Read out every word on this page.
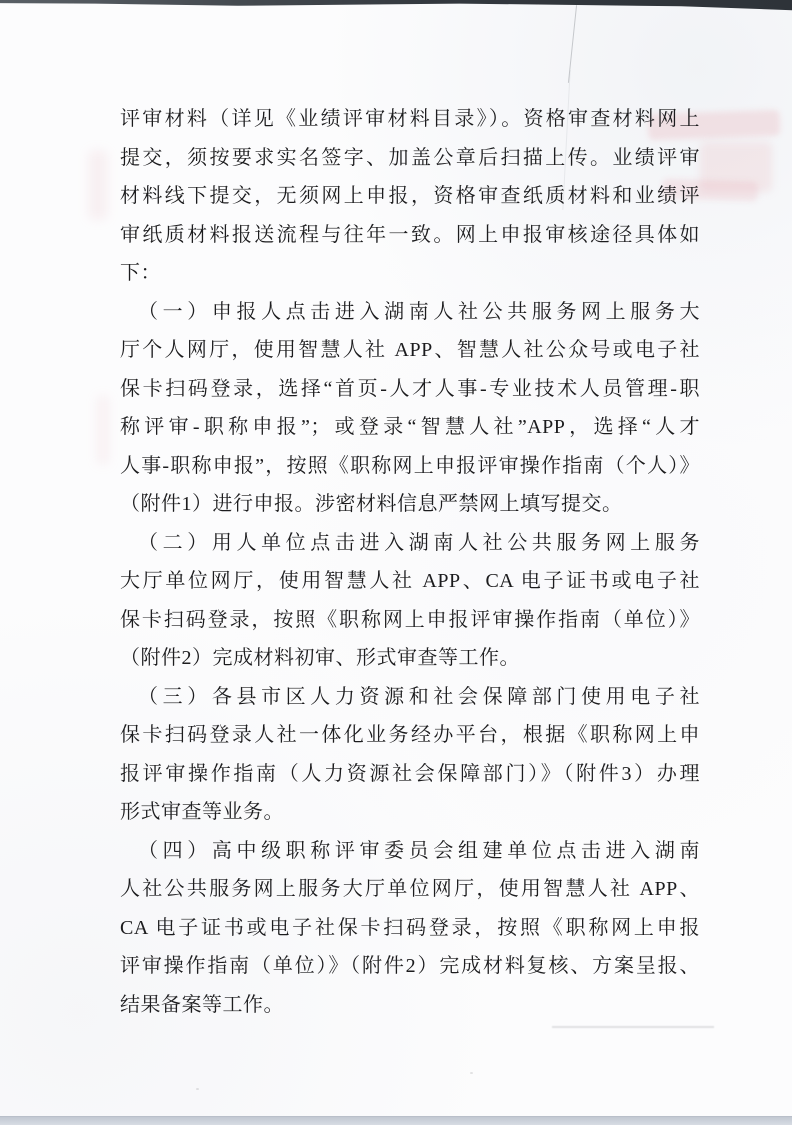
评审材料（详见《业绩评审材料目录》）。资格审查材料网上
提交，须按要求实名签字、加盖公章后扫描上传。业绩评审
材料线下提交，无须网上申报，资格审查纸质材料和业绩评
审纸质材料报送流程与往年一致。网上申报审核途径具体如
下：
（一）申报人点击进入湖南人社公共服务网上服务大
厅个人网厅，使用智慧人社 APP、智慧人社公众号或电子社
保卡扫码登录，选择“首页-人才人事-专业技术人员管理-职
称评审-职称申报”；或登录“智慧人社”APP，选择“人才
人事-职称申报”，按照《职称网上申报评审操作指南（个人）》
（附件1）进行申报。涉密材料信息严禁网上填写提交。
（二）用人单位点击进入湖南人社公共服务网上服务
大厅单位网厅，使用智慧人社 APP、CA 电子证书或电子社
保卡扫码登录，按照《职称网上申报评审操作指南（单位）》
（附件2）完成材料初审、形式审查等工作。
（三）各县市区人力资源和社会保障部门使用电子社
保卡扫码登录人社一体化业务经办平台，根据《职称网上申
报评审操作指南（人力资源社会保障部门）》（附件3）办理
形式审查等业务。
（四）高中级职称评审委员会组建单位点击进入湖南
人社公共服务网上服务大厅单位网厅，使用智慧人社 APP、
CA 电子证书或电子社保卡扫码登录，按照《职称网上申报
评审操作指南（单位）》（附件2）完成材料复核、方案呈报、
结果备案等工作。
